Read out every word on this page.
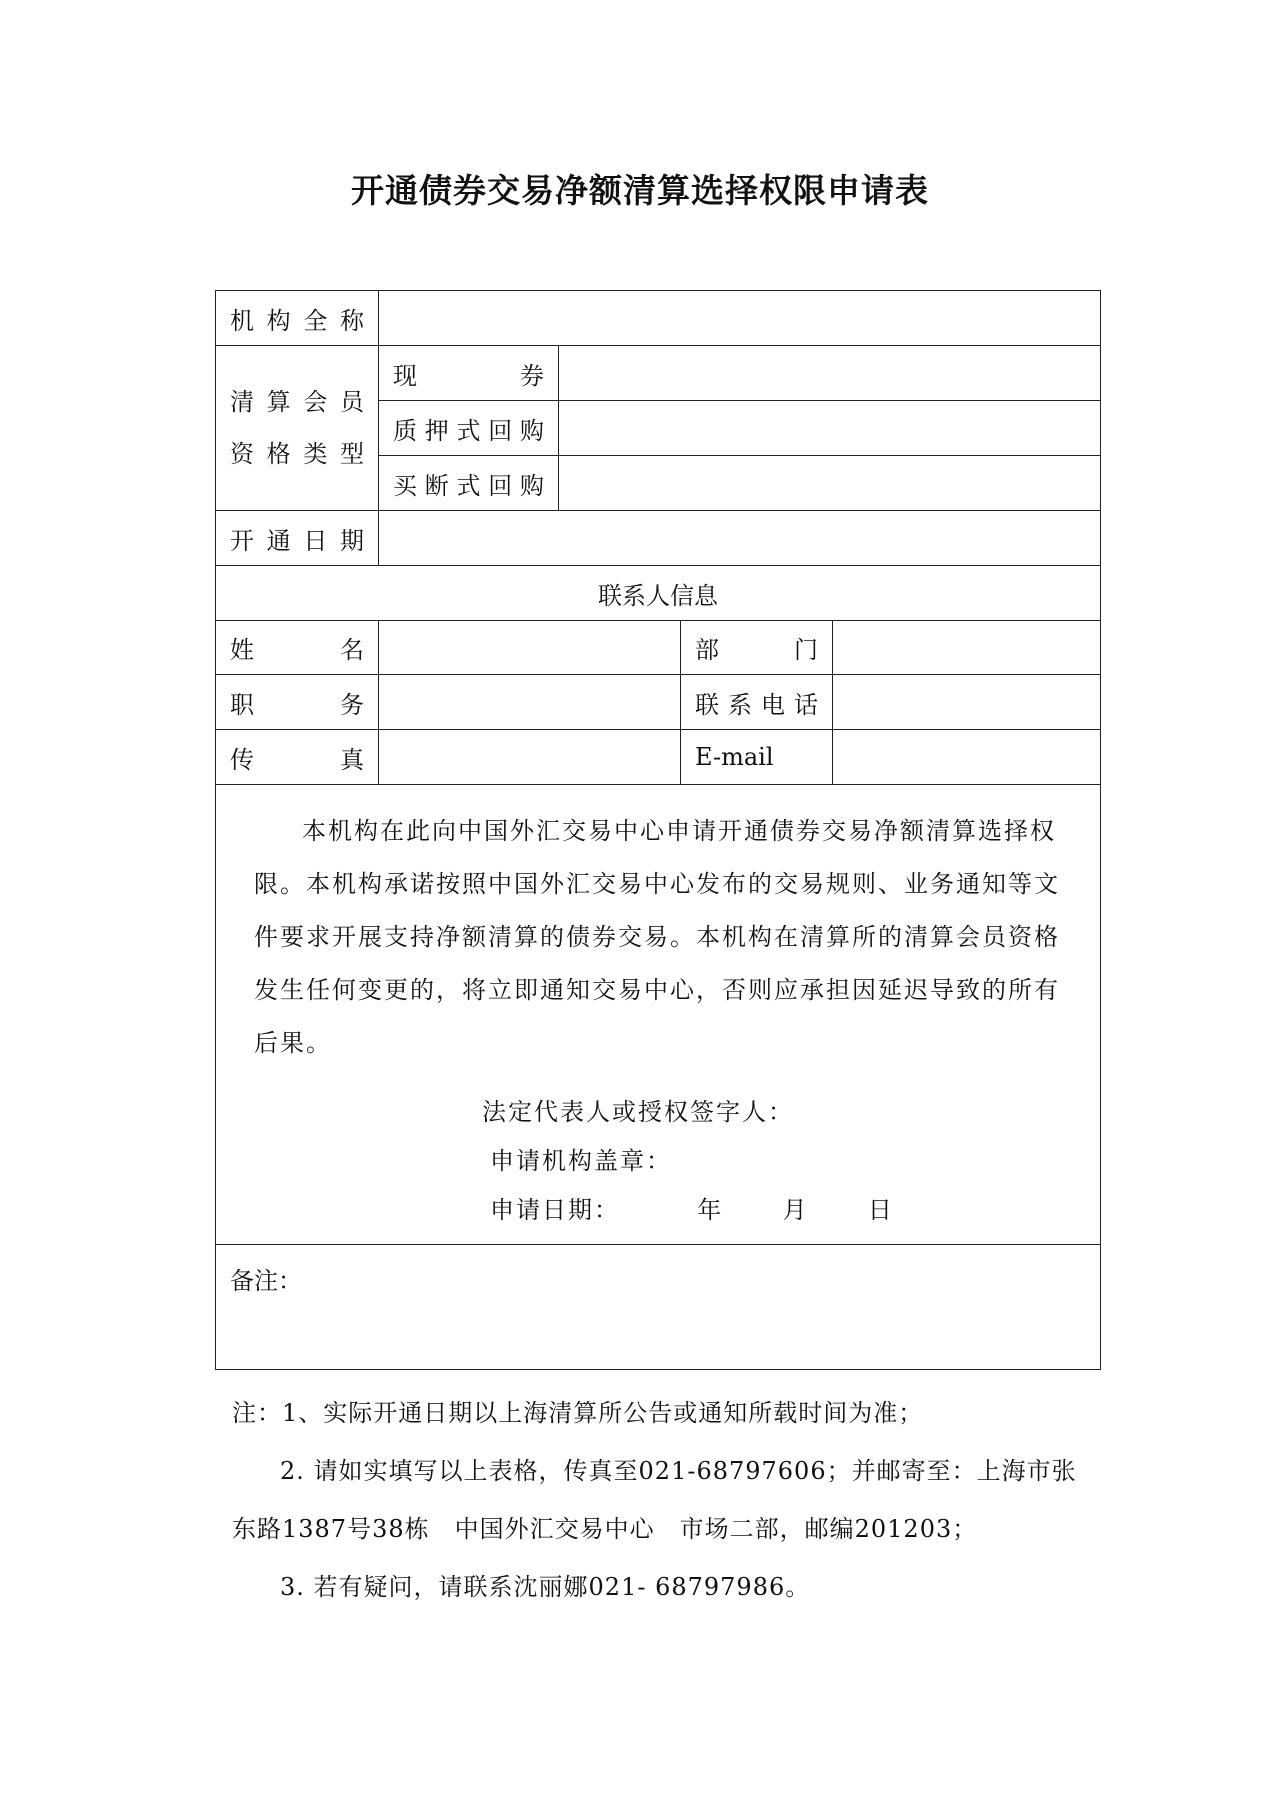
开通债券交易净额清算选择权限申请表
机构全称				

清算会员
资格类型	现券			
	质押式回购			
	买断式回购			
开通日期				
联系人信息				
姓名			部门	
职务			联系电话	
传真			E-mail	

本机构在此向中国外汇交易中心申请开通债券交易净额清算选择权限。本机构承诺按照中国外汇交易中心发布的交易规则、业务通知等文件要求开展支持净额清算的债券交易。本机构在清算所的清算会员资格发生任何变更的，将立即通知交易中心，否则应承担因延迟导致的所有后果。

法定代表人或授权签字人：
申请机构盖章：
申请日期： 年 月 日				

备注：				
注：1、实际开通日期以上海清算所公告或通知所载时间为准；
2. 请如实填写以上表格，传真至021-68797606；并邮寄至：上海市张
东路1387号38栋　中国外汇交易中心　市场二部，邮编201203；
3. 若有疑问，请联系沈丽娜021- 68797986。
